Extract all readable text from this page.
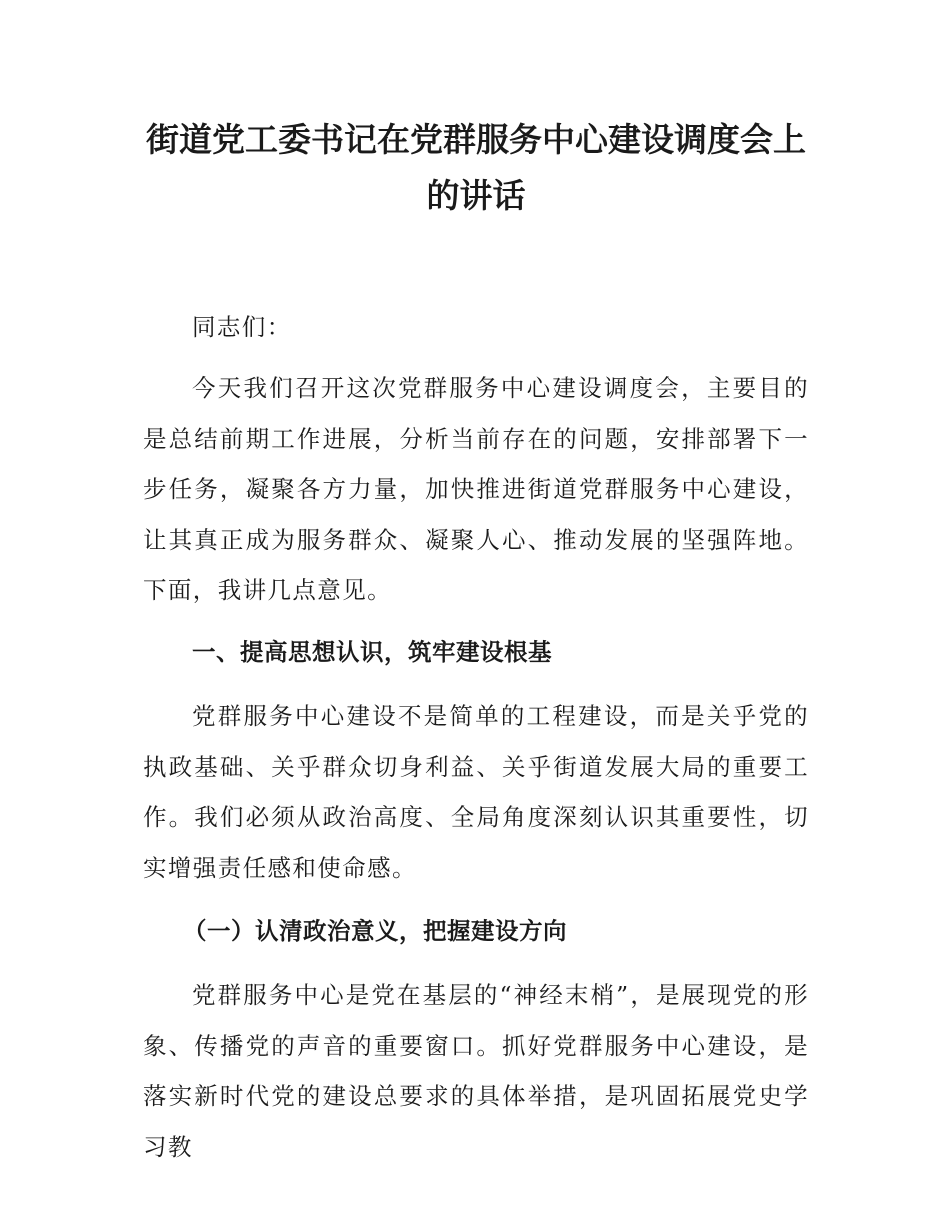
街道党工委书记在党群服务中心建设调度会上的讲话

同志们：

今天我们召开这次党群服务中心建设调度会，主要目的是总结前期工作进展，分析当前存在的问题，安排部署下一步任务，凝聚各方力量，加快推进街道党群服务中心建设，让其真正成为服务群众、凝聚人心、推动发展的坚强阵地。下面，我讲几点意见。

一、提高思想认识，筑牢建设根基

党群服务中心建设不是简单的工程建设，而是关乎党的执政基础、关乎群众切身利益、关乎街道发展大局的重要工作。我们必须从政治高度、全局角度深刻认识其重要性，切实增强责任感和使命感。

（一）认清政治意义，把握建设方向

党群服务中心是党在基层的“神经末梢”，是展现党的形象、传播党的声音的重要窗口。抓好党群服务中心建设，是落实新时代党的建设总要求的具体举措，是巩固拓展党史学习教
